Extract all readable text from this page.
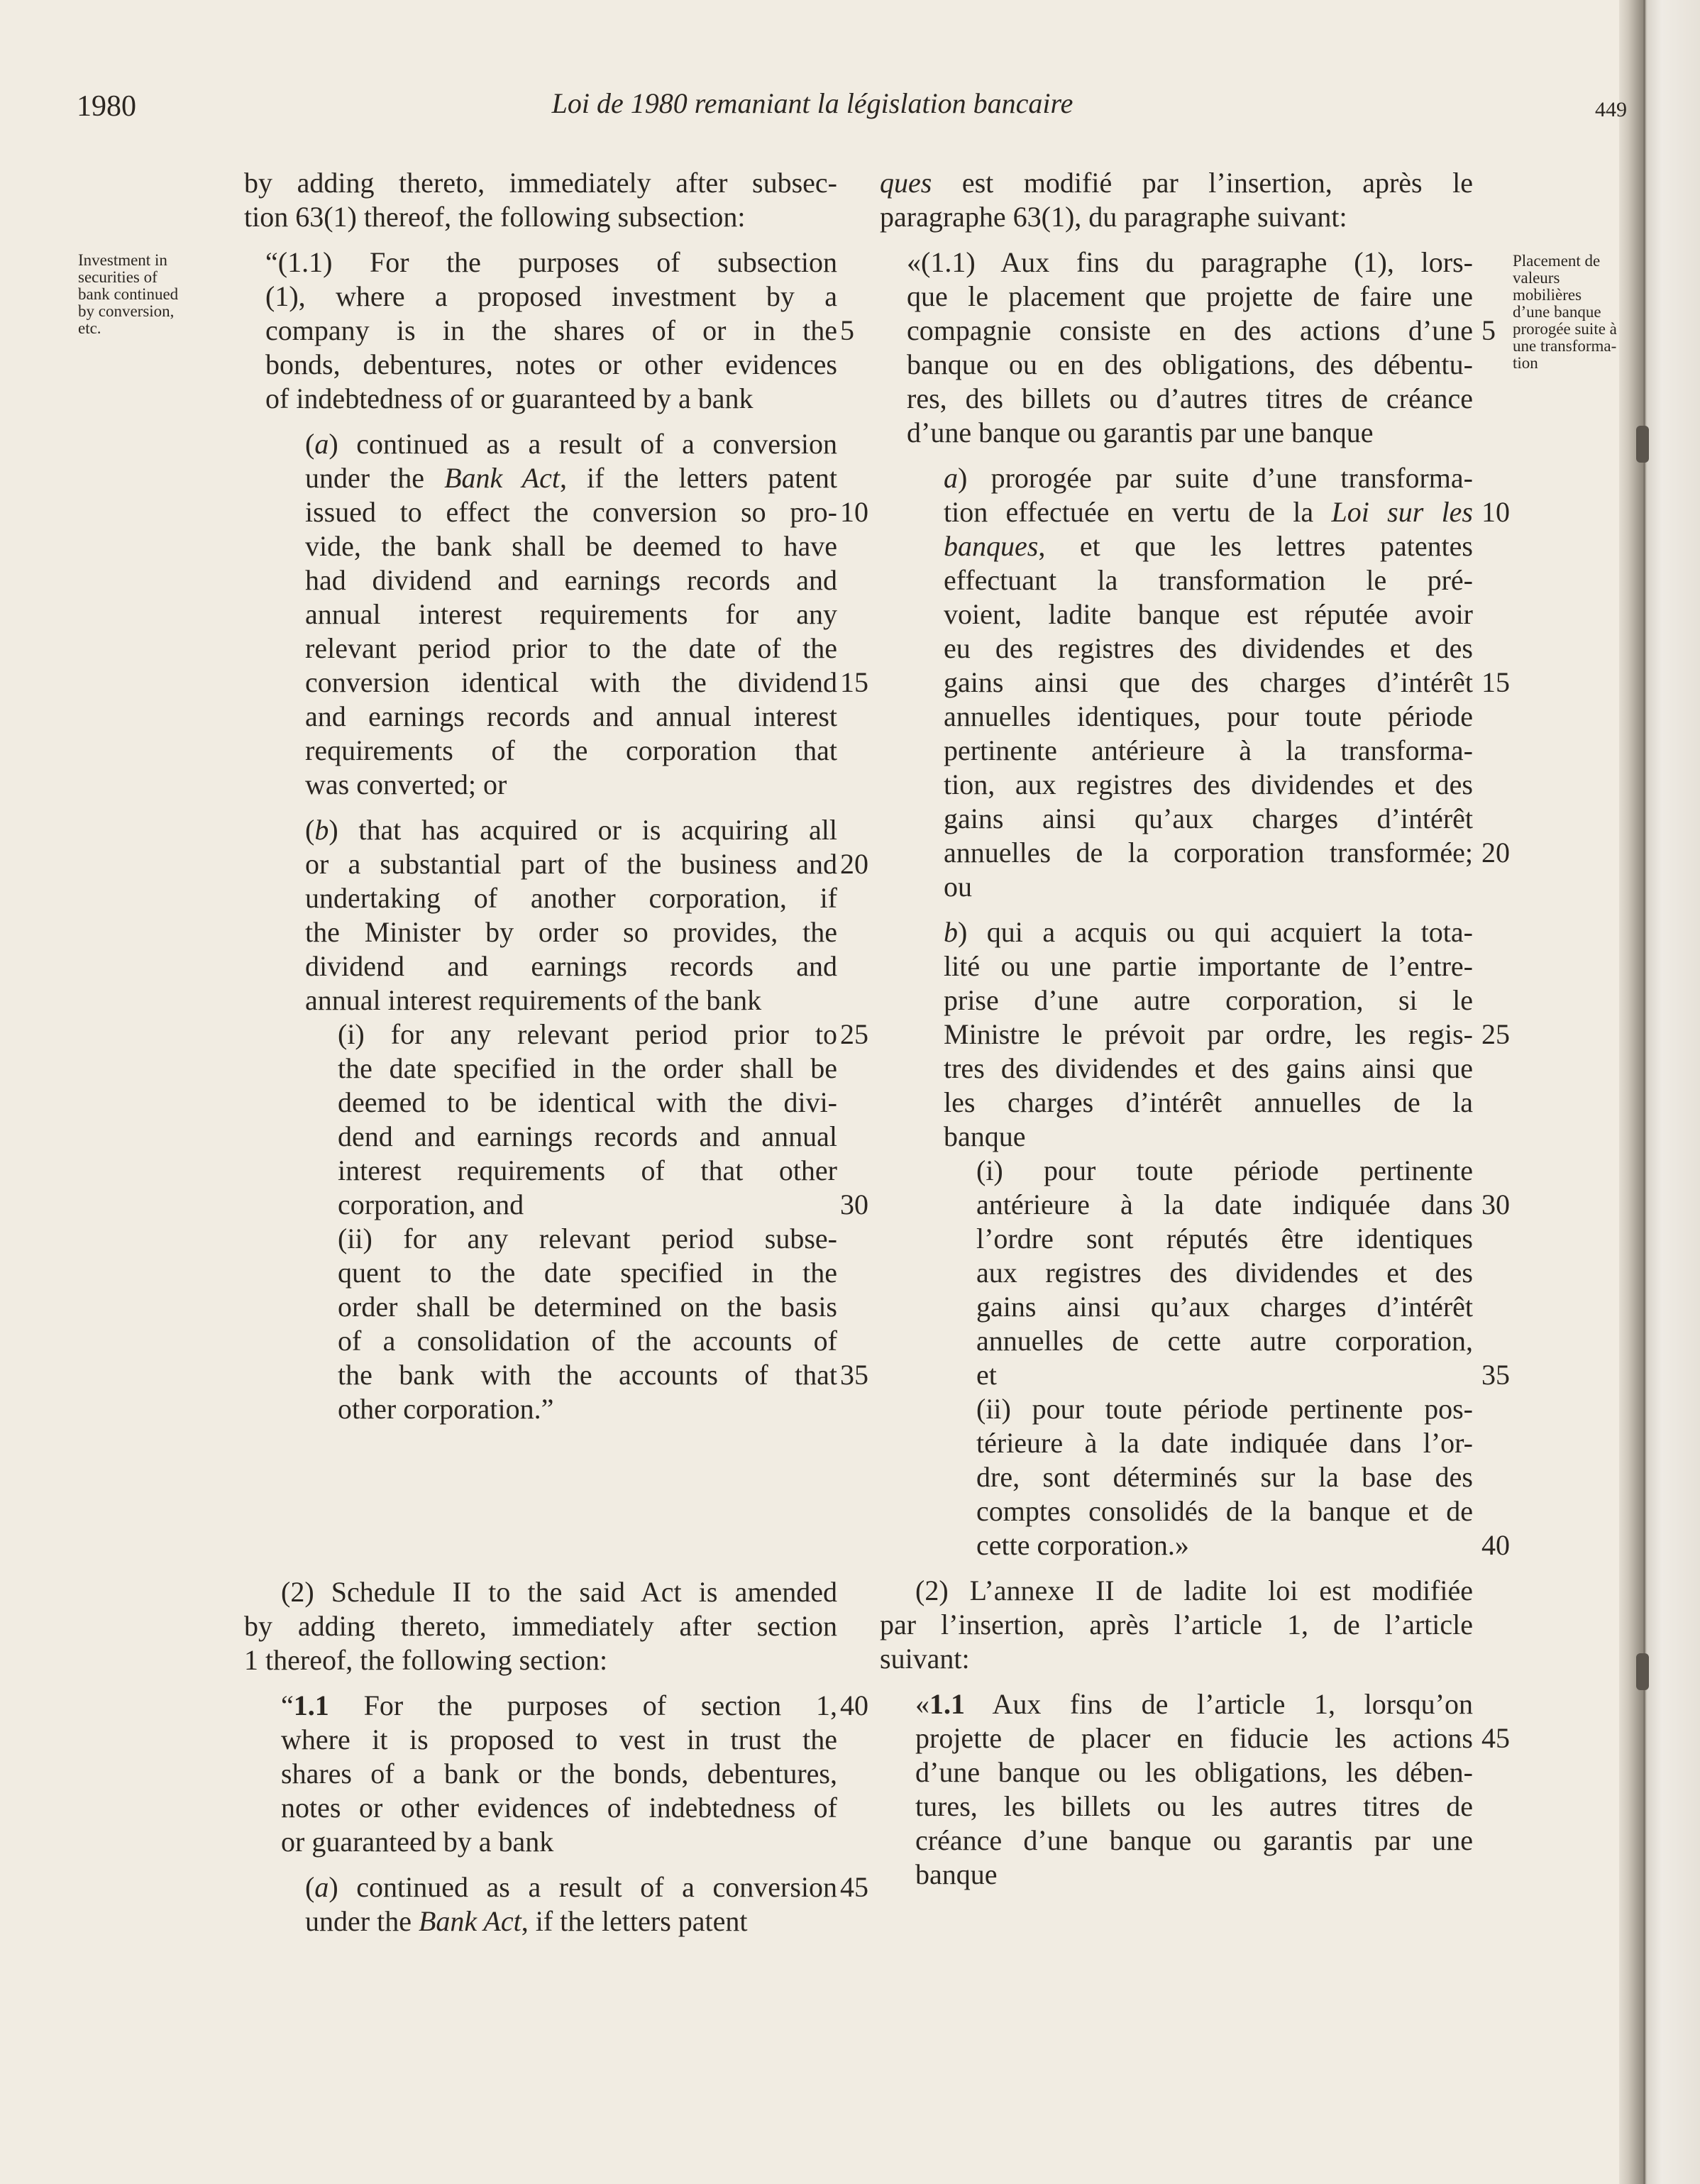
1980	Loi de 1980 remaniant la législation bancaire	449
Investment in
securities of
bank continued
by conversion,
etc.
Placement de
valeurs
mobilières
d’une banque
prorogée suite à
une transforma-
tion
by adding thereto, immediately after subsec-
tion 63(1) thereof, the following subsection:
“(1.1) For the purposes of subsection
(1), where a proposed investment by a
company is in the shares of or in the 5
bonds, debentures, notes or other evidences
of indebtedness of or guaranteed by a bank
(a) continued as a result of a conversion
under the Bank Act, if the letters patent
issued to effect the conversion so pro- 10
vide, the bank shall be deemed to have
had dividend and earnings records and
annual interest requirements for any
relevant period prior to the date of the
conversion identical with the dividend 15
and earnings records and annual interest
requirements of the corporation that
was converted; or
(b) that has acquired or is acquiring all
or a substantial part of the business and 20
undertaking of another corporation, if
the Minister by order so provides, the
dividend and earnings records and
annual interest requirements of the bank
(i) for any relevant period prior to 25
the date specified in the order shall be
deemed to be identical with the divi-
dend and earnings records and annual
interest requirements of that other
corporation, and	30
(ii) for any relevant period subse-
quent to the date specified in the
order shall be determined on the basis
of a consolidation of the accounts of
the bank with the accounts of that 35
other corporation.”
(2) Schedule II to the said Act is amended
by adding thereto, immediately after section
1 thereof, the following section:
“1.1 For the purposes of section 1, 40
where it is proposed to vest in trust the
shares of a bank or the bonds, debentures,
notes or other evidences of indebtedness of
or guaranteed by a bank
(a) continued as a result of a conversion 45
under the Bank Act, if the letters patent
ques est modifié par l’insertion, après le
paragraphe 63(1), du paragraphe suivant:
«(1.1) Aux fins du paragraphe (1), lors-
que le placement que projette de faire une
compagnie consiste en des actions d’une 5
banque ou en des obligations, des débentu-
res, des billets ou d’autres titres de créance
d’une banque ou garantis par une banque
a) prorogée par suite d’une transforma-
tion effectuée en vertu de la Loi sur les 10
banques, et que les lettres patentes
effectuant la transformation le pré-
voient, ladite banque est réputée avoir
eu des registres des dividendes et des
gains ainsi que des charges d’intérêt 15
annuelles identiques, pour toute période
pertinente antérieure à la transforma-
tion, aux registres des dividendes et des
gains ainsi qu’aux charges d’intérêt
annuelles de la corporation transformée; 20
ou
b) qui a acquis ou qui acquiert la tota-
lité ou une partie importante de l’entre-
prise d’une autre corporation, si le
Ministre le prévoit par ordre, les regis- 25
tres des dividendes et des gains ainsi que
les charges d’intérêt annuelles de la
banque
(i) pour toute période pertinente
antérieure à la date indiquée dans 30
l’ordre sont réputés être identiques
aux registres des dividendes et des
gains ainsi qu’aux charges d’intérêt
annuelles de cette autre corporation,
et	35
(ii) pour toute période pertinente pos-
térieure à la date indiquée dans l’or-
dre, sont déterminés sur la base des
comptes consolidés de la banque et de
cette corporation.»	40
(2) L’annexe II de ladite loi est modifiée
par l’insertion, après l’article 1, de l’article
suivant:
«1.1 Aux fins de l’article 1, lorsqu’on
projette de placer en fiducie les actions 45
d’une banque ou les obligations, les dében-
tures, les billets ou les autres titres de
créance d’une banque ou garantis par une
banque
